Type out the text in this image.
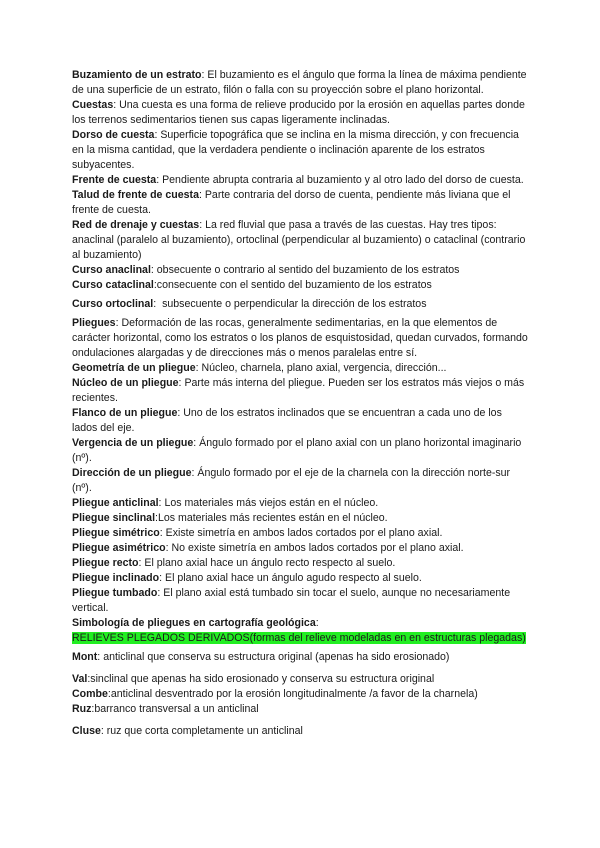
Buzamiento de un estrato: El buzamiento es el ángulo que forma la línea de máxima pendiente de una superficie de un estrato, filón o falla con su proyección sobre el plano horizontal.

Cuestas: Una cuesta es una forma de relieve producido por la erosión en aquellas partes donde los terrenos sedimentarios tienen sus capas ligeramente inclinadas.

Dorso de cuesta: Superficie topográfica que se inclina en la misma dirección, y con frecuencia en la misma cantidad, que la verdadera pendiente o inclinación aparente de los estratos subyacentes.

Frente de cuesta: Pendiente abrupta contraria al buzamiento y al otro lado del dorso de cuesta.

Talud de frente de cuesta: Parte contraria del dorso de cuenta, pendiente más liviana que el frente de cuesta.

Red de drenaje y cuestas: La red fluvial que pasa a través de las cuestas. Hay tres tipos: anaclinal (paralelo al buzamiento), ortoclinal (perpendicular al buzamiento) o cataclinal (contrario al buzamiento)

Curso anaclinal: obsecuente o contrario al sentido del buzamiento de los estratos

Curso cataclinal:consecuente con el sentido del buzamiento de los estratos

Curso ortoclinal:  subsecuente o perpendicular la dirección de los estratos

Pliegues: Deformación de las rocas, generalmente sedimentarias, en la que elementos de carácter horizontal, como los estratos o los planos de esquistosidad, quedan curvados, formando ondulaciones alargadas y de direcciones más o menos paralelas entre sí.

Geometría de un pliegue: Núcleo, charnela, plano axial, vergencia, dirección...

Núcleo de un pliegue: Parte más interna del pliegue. Pueden ser los estratos más viejos o más recientes.

Flanco de un pliegue: Uno de los estratos inclinados que se encuentran a cada uno de los lados del eje.

Vergencia de un pliegue: Ángulo formado por el plano axial con un plano horizontal imaginario (nº).

Dirección de un pliegue: Ángulo formado por el eje de la charnela con la dirección norte-sur (nº).

Pliegue anticlinal: Los materiales más viejos están en el núcleo.

Pliegue sinclinal:Los materiales más recientes están en el núcleo.

Pliegue simétrico: Existe simetría en ambos lados cortados por el plano axial.

Pliegue asimétrico: No existe simetría en ambos lados cortados por el plano axial.

Pliegue recto: El plano axial hace un ángulo recto respecto al suelo.

Pliegue inclinado: El plano axial hace un ángulo agudo respecto al suelo.

Pliegue tumbado: El plano axial está tumbado sin tocar el suelo, aunque no necesariamente vertical.

Simbología de pliegues en cartografía geológica:

RELIEVES PLEGADOS DERIVADOS(formas del relieve modeladas en en estructuras plegadas)

Mont: anticlinal que conserva su estructura original (apenas ha sido erosionado)

Val:sinclinal que apenas ha sido erosionado y conserva su estructura original

Combe:anticlinal desventrado por la erosión longitudinalmente /a favor de la charnela)

Ruz:barranco transversal a un anticlinal

Cluse: ruz que corta completamente un anticlinal
